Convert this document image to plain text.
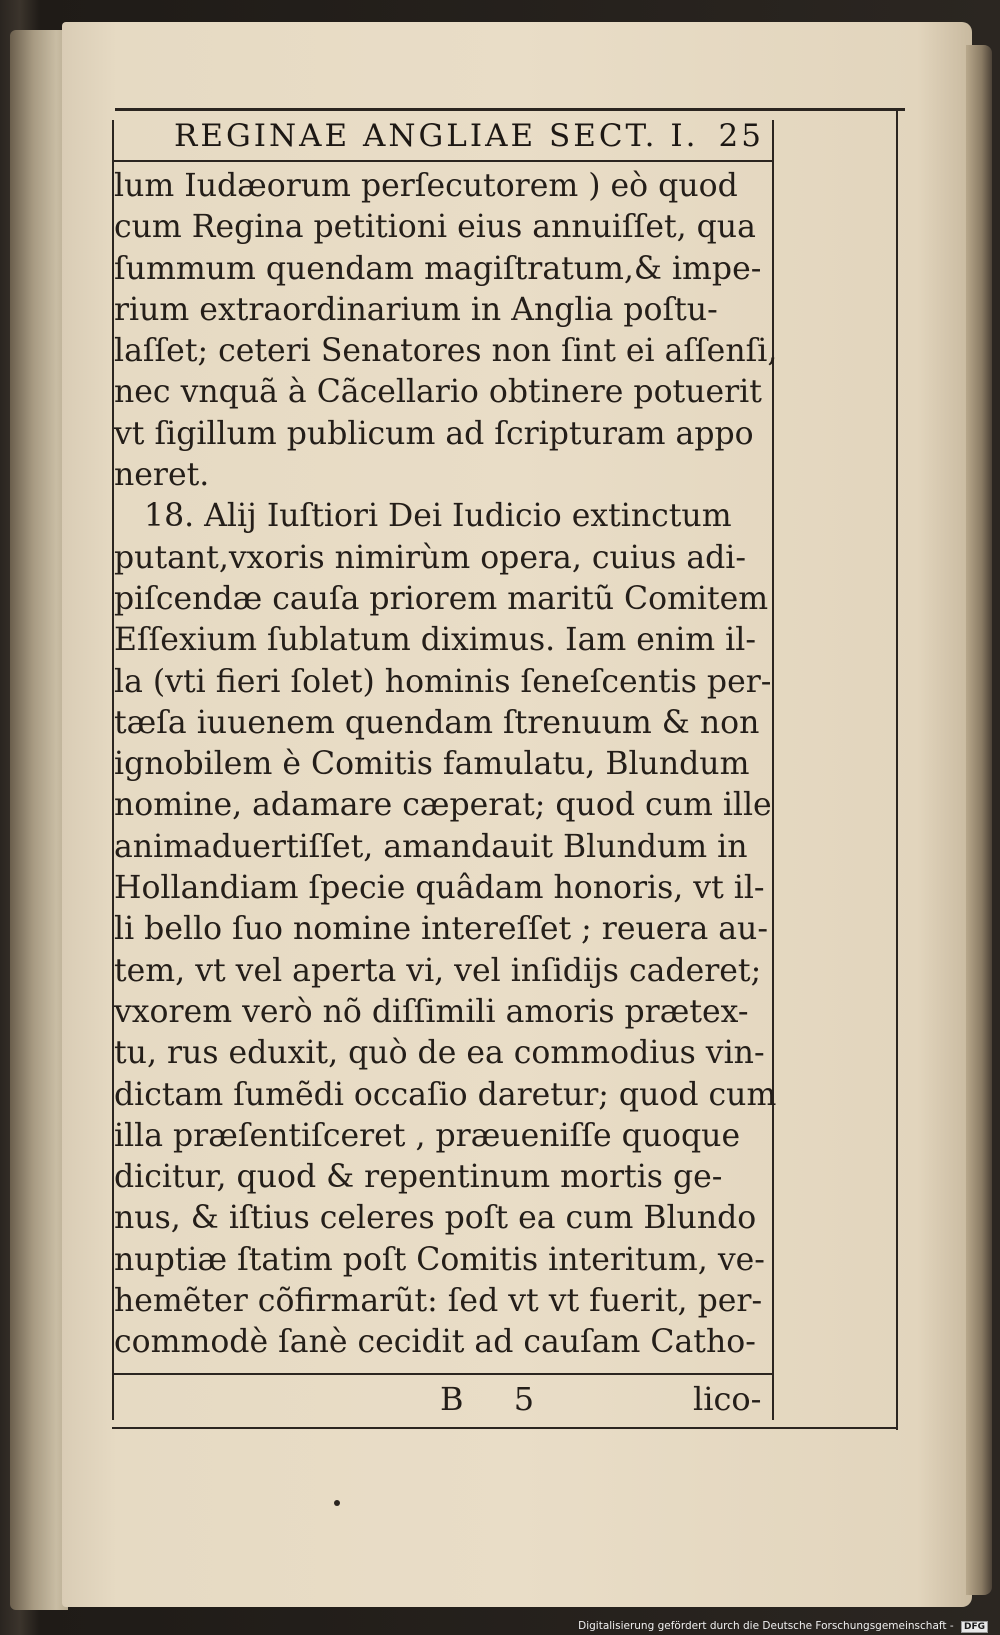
REGINAE ANGLIAE SECT. I. 25
lum Iudæorum perſecutorem ) eò quod
cum Regina petitioni eius annuiſſet, qua
ſummum quendam magiſtratum,& impe-
rium extraordinarium in Anglia poſtu-
laſſet; ceteri Senatores non ſint ei aſſenſi,
nec vnquã à Cãcellario obtinere potuerit
vt ſigillum publicum ad ſcripturam appo
neret.
18. Alij Iuſtiori Dei Iudicio extinctum
putant,vxoris nimirùm opera, cuius adi-
piſcendæ cauſa priorem maritũ Comitem
Eſſexium ſublatum diximus. Iam enim il-
la (vti fieri ſolet) hominis ſeneſcentis per-
tæſa iuuenem quendam ſtrenuum & non
ignobilem è Comitis famulatu, Blundum
nomine, adamare cæperat; quod cum ille
animaduertiſſet, amandauit Blundum in
Hollandiam ſpecie quâdam honoris, vt il-
li bello ſuo nomine intereſſet ; reuera au-
tem, vt vel aperta vi, vel inſidijs caderet;
vxorem verò nõ diſſimili amoris prætex-
tu, rus eduxit, quò de ea commodius vin-
dictam ſumẽdi occaſio daretur; quod cum
illa præſentiſceret , præueniſſe quoque
dicitur, quod & repentinum mortis ge-
nus, & iſtius celeres poſt ea cum Blundo
nuptiæ ſtatim poſt Comitis interitum, ve-
hemẽter cõfirmarũt: ſed vt vt fuerit, per-
commodè ſanè cecidit ad cauſam Catho-
B 5	lico-
Digitalisierung gefördert durch die Deutsche Forschungsgemeinschaft - DFG
